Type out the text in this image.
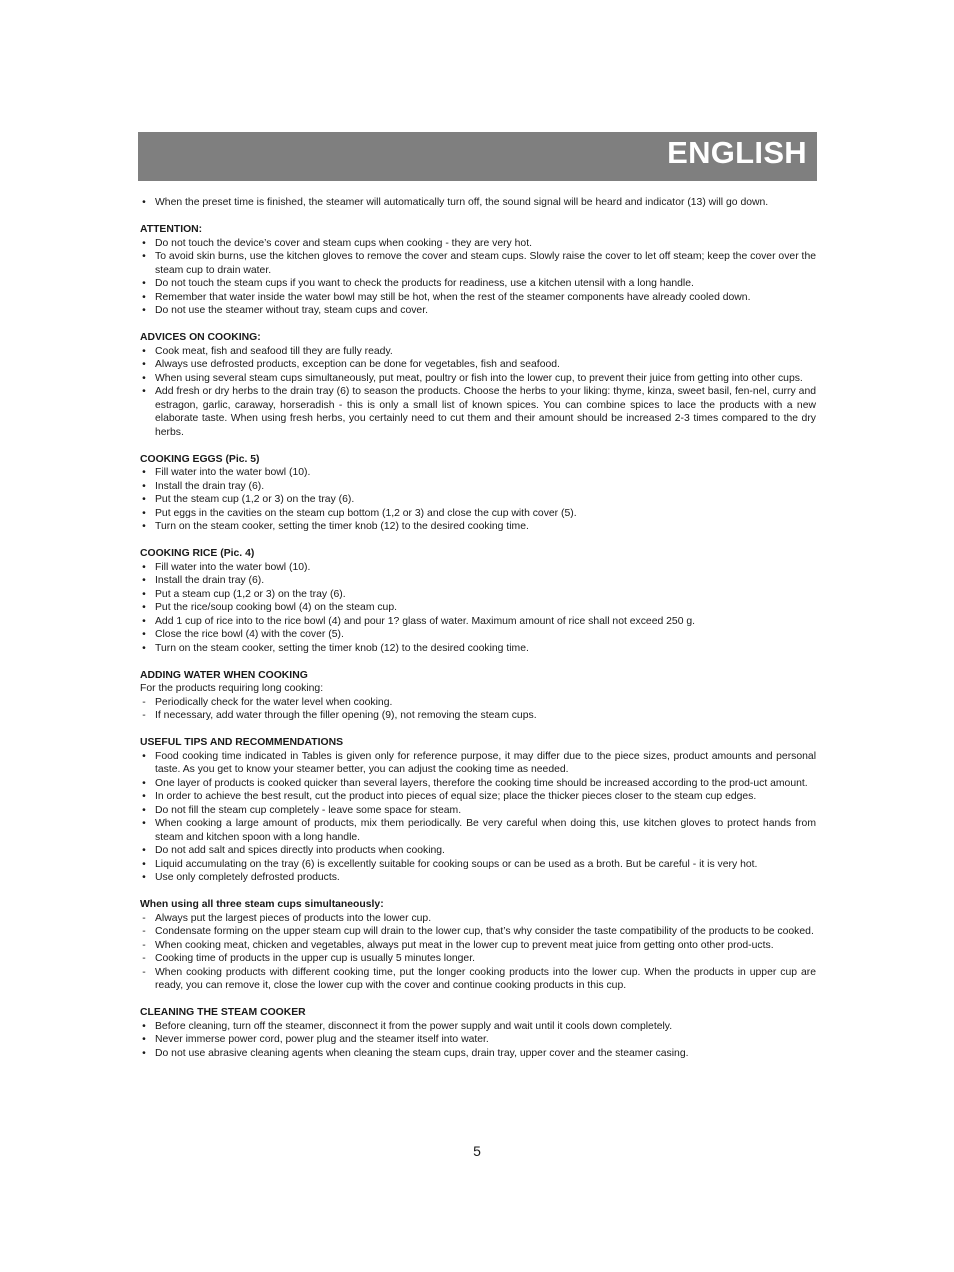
ENGLISH
• When the preset time is finished, the steamer will automatically turn off, the sound signal will be heard and indicator (13) will go down.

ATTENTION:

• Do not touch the device’s cover and steam cups when cooking - they are very hot.
• To avoid skin burns, use the kitchen gloves to remove the cover and steam cups. Slowly raise the cover to let off steam; keep the cover over the steam cup to drain water.
• Do not touch the steam cups if you want to check the products for readiness, use a kitchen utensil with a long handle.
• Remember that water inside the water bowl may still be hot, when the rest of the steamer components have already cooled down.
• Do not use the steamer without tray, steam cups and cover.

ADVICES ON COOKING:

• Cook meat, fish and seafood till they are fully ready.
• Always use defrosted products, exception can be done for vegetables, fish and seafood.
• When using several steam cups simultaneously, put meat, poultry or fish into the lower cup, to prevent their juice from getting into other cups.
• Add fresh or dry herbs to the drain tray (6) to season the products. Choose the herbs to your liking: thyme, kinza, sweet basil, fen-nel, curry and estragon, garlic, caraway, horseradish - this is only a small list of known spices. You can combine spices to lace the products with a new elaborate taste. When using fresh herbs, you certainly need to cut them and their amount should be increased 2-3 times compared to the dry herbs.

COOKING EGGS (Pic. 5)

• Fill water into the water bowl (10).
• Install the drain tray (6).
• Put the steam cup (1,2 or 3) on the tray (6).
• Put eggs in the cavities on the steam cup bottom (1,2 or 3) and close the cup with cover (5).
• Turn on the steam cooker, setting the timer knob (12) to the desired cooking time.

COOKING RICE (Pic. 4)

• Fill water into the water bowl (10).
• Install the drain tray (6).
• Put a steam cup (1,2 or 3) on the tray (6).
• Put the rice/soup cooking bowl (4) on the steam cup.
• Add 1 cup of rice into to the rice bowl (4) and pour 1? glass of water. Maximum amount of rice shall not exceed 250 g.
• Close the rice bowl (4) with the cover (5).
• Turn on the steam cooker, setting the timer knob (12) to the desired cooking time.

ADDING WATER WHEN COOKING

For the products requiring long cooking:

- Periodically check for the water level when cooking.
- If necessary, add water through the filler opening (9), not removing the steam cups.

USEFUL TIPS AND RECOMMENDATIONS

• Food cooking time indicated in Tables is given only for reference purpose, it may differ due to the piece sizes, product amounts and personal taste. As you get to know your steamer better, you can adjust the cooking time as needed.
• One layer of products is cooked quicker than several layers, therefore the cooking time should be increased according to the prod-uct amount.
• In order to achieve the best result, cut the product into pieces of equal size; place the thicker pieces closer to the steam cup edges.
• Do not fill the steam cup completely - leave some space for steam.
• When cooking a large amount of products, mix them periodically. Be very careful when doing this, use kitchen gloves to protect hands from steam and kitchen spoon with a long handle.
• Do not add salt and spices directly into products when cooking.
• Liquid accumulating on the tray (6) is excellently suitable for cooking soups or can be used as a broth. But be careful - it is very hot.
• Use only completely defrosted products.

When using all three steam cups simultaneously:

- Always put the largest pieces of products into the lower cup.
- Condensate forming on the upper steam cup will drain to the lower cup, that’s why consider the taste compatibility of the products to be cooked.
- When cooking meat, chicken and vegetables, always put meat in the lower cup to prevent meat juice from getting onto other prod-ucts.
- Cooking time of products in the upper cup is usually 5 minutes longer.
- When cooking products with different cooking time, put the longer cooking products into the lower cup. When the products in upper cup are ready, you can remove it, close the lower cup with the cover and continue cooking products in this cup.

CLEANING THE STEAM COOKER

• Before cleaning, turn off the steamer, disconnect it from the power supply and wait until it cools down completely.
• Never immerse power cord, power plug and the steamer itself into water.
• Do not use abrasive cleaning agents when cleaning the steam cups, drain tray, upper cover and the steamer casing.
5
